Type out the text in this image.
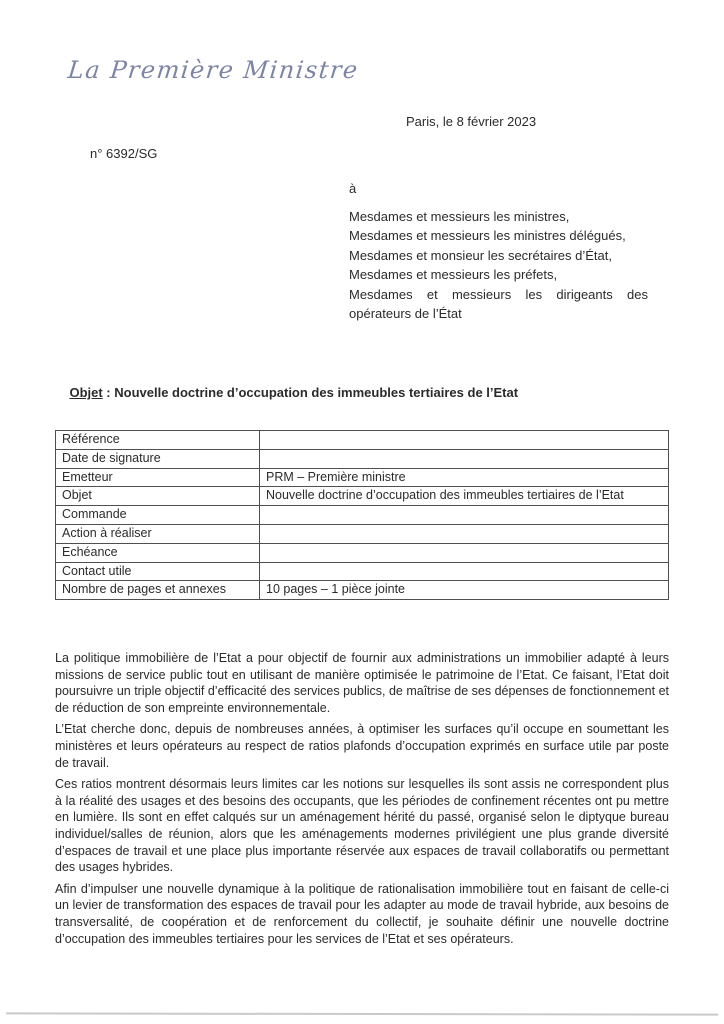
La Première Ministre
Paris, le 8 février 2023
n° 6392/SG
à
Mesdames et messieurs les ministres,
Mesdames et messieurs les ministres délégués,
Mesdames et monsieur les secrétaires d’État,
Mesdames et messieurs les préfets,
Mesdames et messieurs les dirigeants des opérateurs de l’État

Objet : Nouvelle doctrine d’occupation des immeubles tertiaires de l’Etat

Référence	
Date de signature	
Emetteur	PRM – Première ministre
Objet	Nouvelle doctrine d’occupation des immeubles tertiaires de l’Etat
Commande	
Action à réaliser	
Echéance	
Contact utile	
Nombre de pages et annexes	10 pages – 1 pièce jointe

La politique immobilière de l’Etat a pour objectif de fournir aux administrations un immobilier adapté à leurs missions de service public tout en utilisant de manière optimisée le patrimoine de l’Etat. Ce faisant, l’Etat doit poursuivre un triple objectif d’efficacité des services publics, de maîtrise de ses dépenses de fonctionnement et de réduction de son empreinte environnementale.

L’Etat cherche donc, depuis de nombreuses années, à optimiser les surfaces qu’il occupe en soumettant les ministères et leurs opérateurs au respect de ratios plafonds d’occupation exprimés en surface utile par poste de travail.

Ces ratios montrent désormais leurs limites car les notions sur lesquelles ils sont assis ne correspondent plus à la réalité des usages et des besoins des occupants, que les périodes de confinement récentes ont pu mettre en lumière. Ils sont en effet calqués sur un aménagement hérité du passé, organisé selon le diptyque bureau individuel/salles de réunion, alors que les aménagements modernes privilégient une plus grande diversité d’espaces de travail et une place plus importante réservée aux espaces de travail collaboratifs ou permettant des usages hybrides.

Afin d’impulser une nouvelle dynamique à la politique de rationalisation immobilière tout en faisant de celle-ci un levier de transformation des espaces de travail pour les adapter au mode de travail hybride, aux besoins de transversalité, de coopération et de renforcement du collectif, je souhaite définir une nouvelle doctrine d’occupation des immeubles tertiaires pour les services de l’Etat et ses opérateurs.
